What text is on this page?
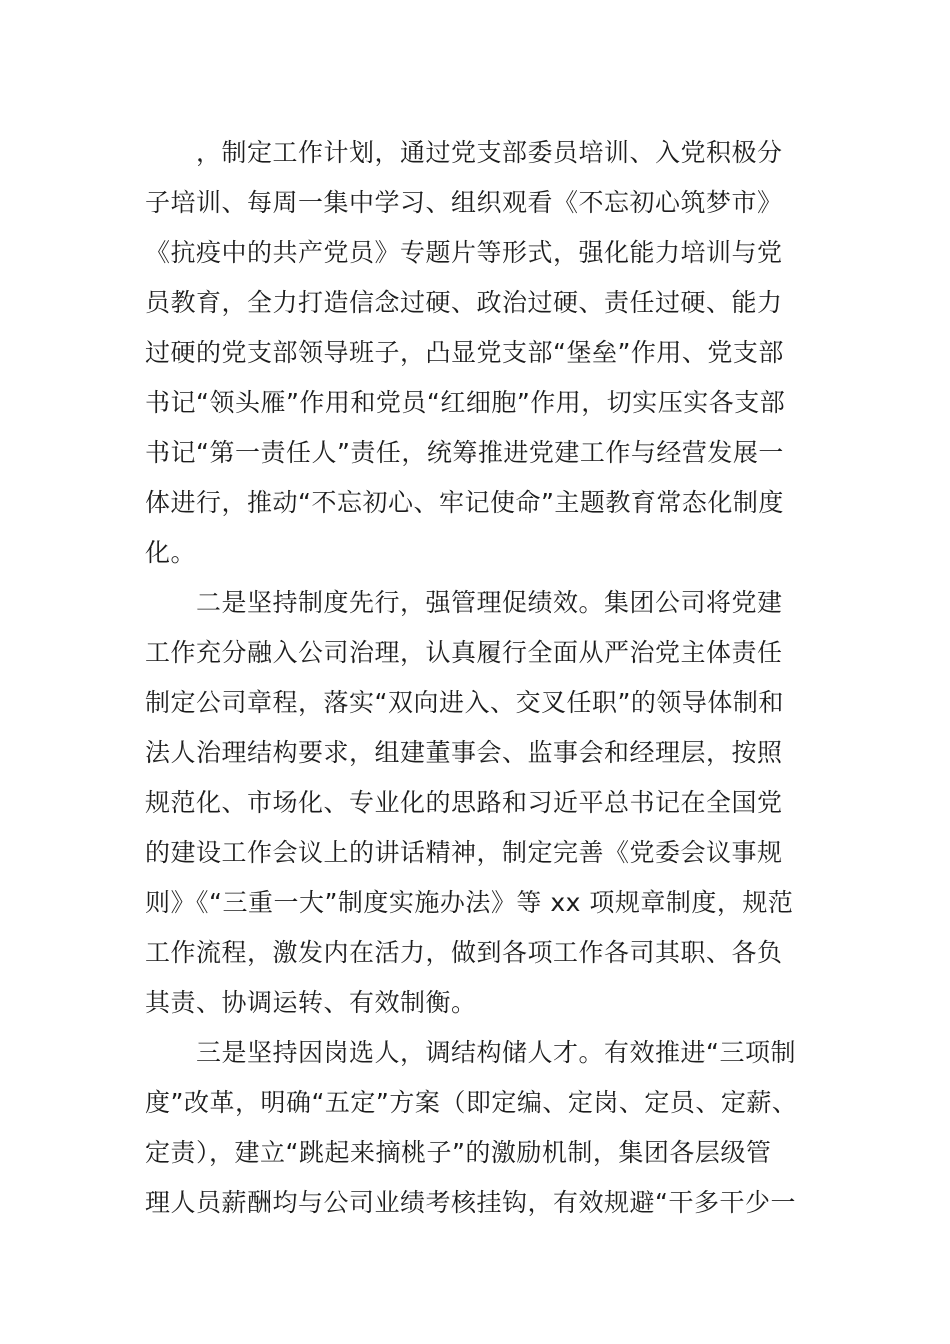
　　，制定工作计划，通过党支部委员培训、入党积极分
子培训、每周一集中学习、组织观看《不忘初心筑梦市》
《抗疫中的共产党员》专题片等形式，强化能力培训与党
员教育，全力打造信念过硬、政治过硬、责任过硬、能力
过硬的党支部领导班子，凸显党支部“堡垒”作用、党支部
书记“领头雁”作用和党员“红细胞”作用，切实压实各支部
书记“第一责任人”责任，统筹推进党建工作与经营发展一
体进行，推动“不忘初心、牢记使命”主题教育常态化制度
化。
　　二是坚持制度先行，强管理促绩效。集团公司将党建
工作充分融入公司治理，认真履行全面从严治党主体责任
制定公司章程，落实“双向进入、交叉任职”的领导体制和
法人治理结构要求，组建董事会、监事会和经理层，按照
规范化、市场化、专业化的思路和习近平总书记在全国党
的建设工作会议上的讲话精神，制定完善《党委会议事规
则》《“三重一大”制度实施办法》等 xx 项规章制度，规范
工作流程，激发内在活力，做到各项工作各司其职、各负
其责、协调运转、有效制衡。
　　三是坚持因岗选人，调结构储人才。有效推进“三项制
度”改革，明确“五定”方案（即定编、定岗、定员、定薪、
定责），建立“跳起来摘桃子”的激励机制，集团各层级管
理人员薪酬均与公司业绩考核挂钩，有效规避“干多干少一
